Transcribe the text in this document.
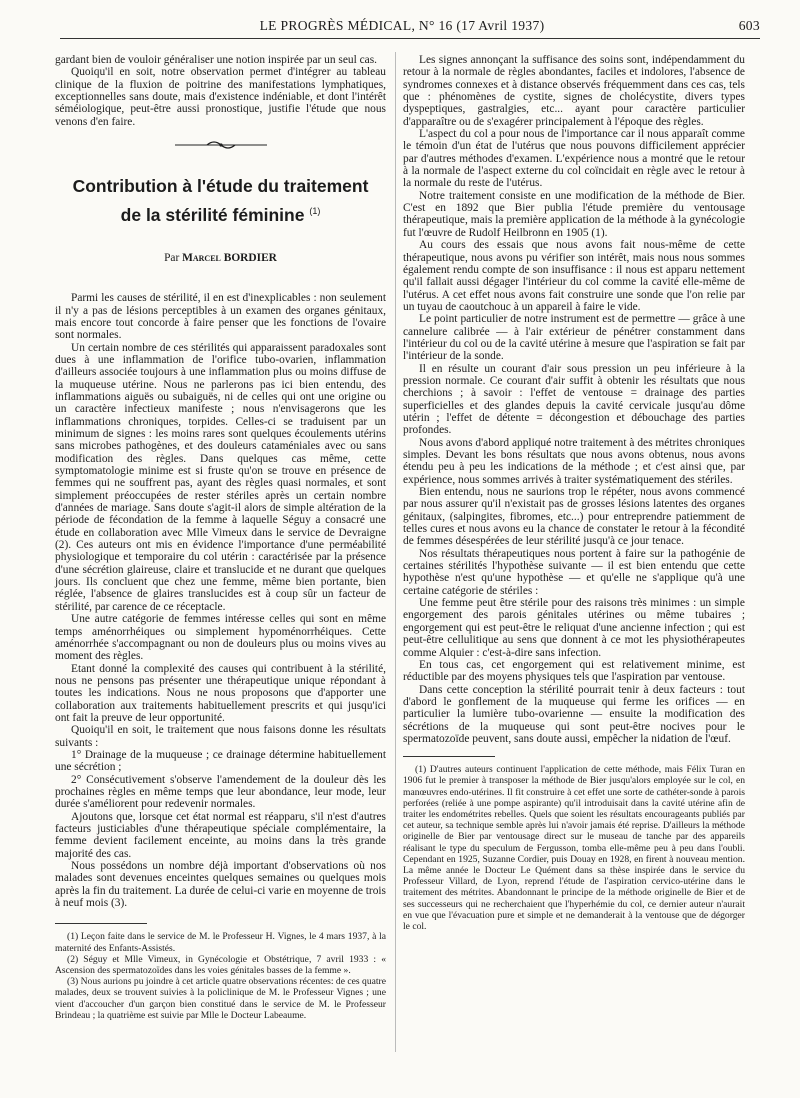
LE PROGRÈS MÉDICAL, N° 16 (17 Avril 1937)	603

gardant bien de vouloir généraliser une notion inspirée par un seul cas.

Quoiqu'il en soit, notre observation permet d'intégrer au tableau clinique de la fluxion de poitrine des manifestations lymphatiques, exceptionnelles sans doute, mais d'existence indéniable, et dont l'intérêt séméiologique, peut-être aussi pronostique, justifie l'étude que nous venons d'en faire.

Contribution à l'étude du traitement
de la stérilité féminine $^{(1)}$
Par Marcel BORDIER

Parmi les causes de stérilité, il en est d'inexplicables : non seulement il n'y a pas de lésions perceptibles à un examen des organes génitaux, mais encore tout concorde à faire penser que les fonctions de l'ovaire sont normales.

Un certain nombre de ces stérilités qui apparaissent paradoxales sont dues à une inflammation de l'orifice tubo-ovarien, inflammation d'ailleurs associée toujours à une inflammation plus ou moins diffuse de la muqueuse utérine. Nous ne parlerons pas ici bien entendu, des inflammations aiguës ou subaiguës, ni de celles qui ont une origine ou un caractère infectieux manifeste ; nous n'envisagerons que les inflammations chroniques, torpides. Celles-ci se traduisent par un minimum de signes : les moins rares sont quelques écoulements utérins sans microbes pathogènes, et des douleurs cataméniales avec ou sans modification des règles. Dans quelques cas même, cette symptomatologie minime est si fruste qu'on se trouve en présence de femmes qui ne souffrent pas, ayant des règles quasi normales, et sont simplement préoccupées de rester stériles après un certain nombre d'années de mariage. Sans doute s'agit-il alors de simple altération de la période de fécondation de la femme à laquelle Séguy a consacré une étude en collaboration avec Mlle Vimeux dans le service de Devraigne (2). Ces auteurs ont mis en évidence l'importance d'une perméabilité physiologique et temporaire du col utérin : caractérisée par la présence d'une sécrétion glaireuse, claire et translucide et ne durant que quelques jours. Ils concluent que chez une femme, même bien portante, bien réglée, l'absence de glaires translucides est à coup sûr un facteur de stérilité, par carence de ce réceptacle.

Une autre catégorie de femmes intéresse celles qui sont en même temps aménorrhéiques ou simplement hypoménorrhéiques. Cette aménorrhée s'accompagnant ou non de douleurs plus ou moins vives au moment des règles.

Etant donné la complexité des causes qui contribuent à la stérilité, nous ne pensons pas présenter une thérapeutique unique répondant à toutes les indications. Nous ne nous proposons que d'apporter une collaboration aux traitements habituellement prescrits et qui jusqu'ici ont fait la preuve de leur opportunité.

Quoiqu'il en soit, le traitement que nous faisons donne les résultats suivants :

1° Drainage de la muqueuse ; ce drainage détermine habituellement une sécrétion ;

2° Consécutivement s'observe l'amendement de la douleur dès les prochaines règles en même temps que leur abondance, leur mode, leur durée s'améliorent pour redevenir normales.

Ajoutons que, lorsque cet état normal est réapparu, s'il n'est d'autres facteurs justiciables d'une thérapeutique spéciale complémentaire, la femme devient facilement enceinte, au moins dans la très grande majorité des cas.

Nous possédons un nombre déjà important d'observations où nos malades sont devenues enceintes quelques semaines ou quelques mois après la fin du traitement. La durée de celui-ci varie en moyenne de trois à neuf mois (3).

(1) Leçon faite dans le service de M. le Professeur H. Vignes, le 4 mars 1937, à la maternité des Enfants-Assistés.

(2) Séguy et Mlle Vimeux, in Gynécologie et Obstétrique, 7 avril 1933 : « Ascension des spermatozoïdes dans les voies génitales basses de la femme ».

(3) Nous aurions pu joindre à cet article quatre observations récentes: de ces quatre malades, deux se trouvent suivies à la policlinique de M. le Professeur Vignes ; une vient d'accoucher d'un garçon bien constitué dans le service de M. le Professeur Brindeau ; la quatrième est suivie par Mlle le Docteur Labeaume.

Les signes annonçant la suffisance des soins sont, indépendamment du retour à la normale de règles abondantes, faciles et indolores, l'absence de syndromes connexes et à distance observés fréquemment dans ces cas, tels que : phénomènes de cystite, signes de cholécystite, divers types dyspeptiques, gastralgies, etc... ayant pour caractère particulier d'apparaître ou de s'exagérer principalement à l'époque des règles.

L'aspect du col a pour nous de l'importance car il nous apparaît comme le témoin d'un état de l'utérus que nous pouvons difficilement apprécier par d'autres méthodes d'examen. L'expérience nous a montré que le retour à la normale de l'aspect externe du col coïncidait en règle avec le retour à la normale du reste de l'utérus.

Notre traitement consiste en une modification de la méthode de Bier. C'est en 1892 que Bier publia l'étude première du ventousage thérapeutique, mais la première application de la méthode à la gynécologie fut l'œuvre de Rudolf Heilbronn en 1905 (1).

Au cours des essais que nous avons fait nous-même de cette thérapeutique, nous avons pu vérifier son intérêt, mais nous nous sommes également rendu compte de son insuffisance : il nous est apparu nettement qu'il fallait aussi dégager l'intérieur du col comme la cavité elle-même de l'utérus. A cet effet nous avons fait construire une sonde que l'on relie par un tuyau de caoutchouc à un appareil à faire le vide.

Le point particulier de notre instrument est de permettre — grâce à une cannelure calibrée — à l'air extérieur de pénétrer constamment dans l'intérieur du col ou de la cavité utérine à mesure que l'aspiration se fait par l'intérieur de la sonde.

Il en résulte un courant d'air sous pression un peu inférieure à la pression normale. Ce courant d'air suffit à obtenir les résultats que nous cherchions ; à savoir : l'effet de ventouse = drainage des parties superficielles et des glandes depuis la cavité cervicale jusqu'au dôme utérin ; l'effet de détente = décongestion et débouchage des parties profondes.

Nous avons d'abord appliqué notre traitement à des métrites chroniques simples. Devant les bons résultats que nous avons obtenus, nous avons étendu peu à peu les indications de la méthode ; et c'est ainsi que, par expérience, nous sommes arrivés à traiter systématiquement des stériles.

Bien entendu, nous ne saurions trop le répéter, nous avons commencé par nous assurer qu'il n'existait pas de grosses lésions latentes des organes génitaux, (salpingites, fibromes, etc...) pour entreprendre patiemment de telles cures et nous avons eu la chance de constater le retour à la fécondité de femmes désespérées de leur stérilité jusqu'à ce jour tenace.

Nos résultats thérapeutiques nous portent à faire sur la pathogénie de certaines stérilités l'hypothèse suivante — il est bien entendu que cette hypothèse n'est qu'une hypothèse — et qu'elle ne s'applique qu'à une certaine catégorie de stériles :

Une femme peut être stérile pour des raisons très minimes : un simple engorgement des parois génitales utérines ou même tubaires ; engorgement qui est peut-être le reliquat d'une ancienne infection ; qui est peut-être cellulitique au sens que donnent à ce mot les physiothérapeutes comme Alquier : c'est-à-dire sans infection.

En tous cas, cet engorgement qui est relativement minime, est réductible par des moyens physiques tels que l'aspiration par ventouse.

Dans cette conception la stérilité pourrait tenir à deux facteurs : tout d'abord le gonflement de la muqueuse qui ferme les orifices — en particulier la lumière tubo-ovarienne — ensuite la modification des sécrétions de la muqueuse qui sont peut-être nocives pour le spermatozoïde peuvent, sans doute aussi, empêcher la nidation de l'œuf.

(1) D'autres auteurs continuent l'application de cette méthode, mais Félix Turan en 1906 fut le premier à transposer la méthode de Bier jusqu'alors employée sur le col, en manœuvres endo-utérines. Il fit construire à cet effet une sorte de cathéter-sonde à parois perforées (reliée à une pompe aspirante) qu'il introduisait dans la cavité utérine afin de traiter les endométrites rebelles. Quels que soient les résultats encourageants publiés par cet auteur, sa technique semble après lui n'avoir jamais été reprise. D'ailleurs la méthode originelle de Bier par ventousage direct sur le museau de tanche par des appareils réalisant le type du speculum de Fergusson, tomba elle-même peu à peu dans l'oubli. Cependant en 1925, Suzanne Cordier, puis Douay en 1928, en firent à nouveau mention. La même année le Docteur Le Quément dans sa thèse inspirée dans le service du Professeur Villard, de Lyon, reprend l'étude de l'aspiration cervico-utérine dans le traitement des métrites. Abandonnant le principe de la méthode originelle de Bier et de ses successeurs qui ne recherchaient que l'hyperhémie du col, ce dernier auteur n'aurait en vue que l'évacuation pure et simple et ne demanderait à la ventouse que de dégorger le col.
